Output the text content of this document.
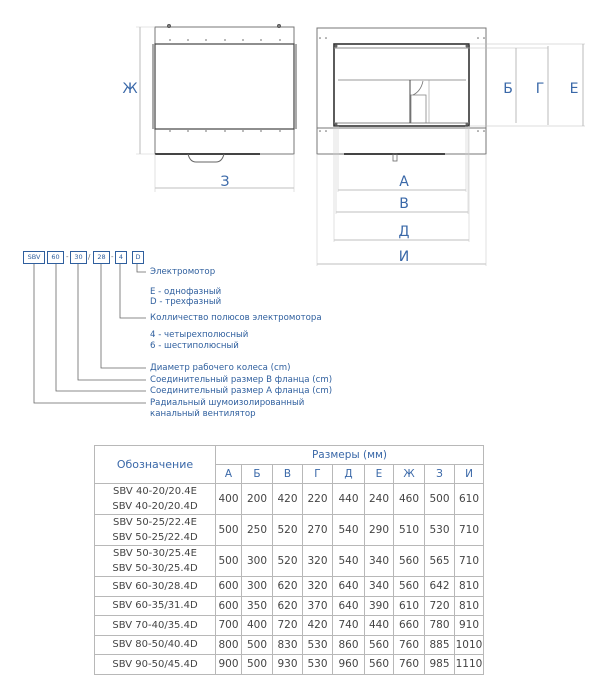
Ж
З	А
В
Д
И
Б Г Е
SBV	60 - 30 /	28 - 4	D
Электромотор
E - однофазный
D - трехфазный
Колличество полюсов электромотора
4 - четырехполюсный
6 - шестиполюсный
Диаметр рабочего колеса (cm)
Соединительный размер В фланца (cm)
Соединительный размер А фланца (cm)
Радиальный шумоизолированный
канальный вентилятор
Обозначение	Размеры (мм)								
	А	Б	В	Г	Д	Е	Ж	З	И

SBV 40-20/20.4E
SBV 40-20/20.4D	400	200	420	220	440	240	460	500	610

SBV 50-25/22.4E
SBV 50-25/22.4D	500	250	520	270	540	290	510	530	710

SBV 50-30/25.4E
SBV 50-30/25.4D	500	300	520	320	540	340	560	565	710

SBV 60-30/28.4D	600	300	620	320	640	340	560	642	810

SBV 60-35/31.4D	600	350	620	370	640	390	610	720	810

SBV 70-40/35.4D	700	400	720	420	740	440	660	780	910

SBV 80-50/40.4D	800	500	830	530	860	560	760	885	1010

SBV 90-50/45.4D	900	500	930	530	960	560	760	985	1110
